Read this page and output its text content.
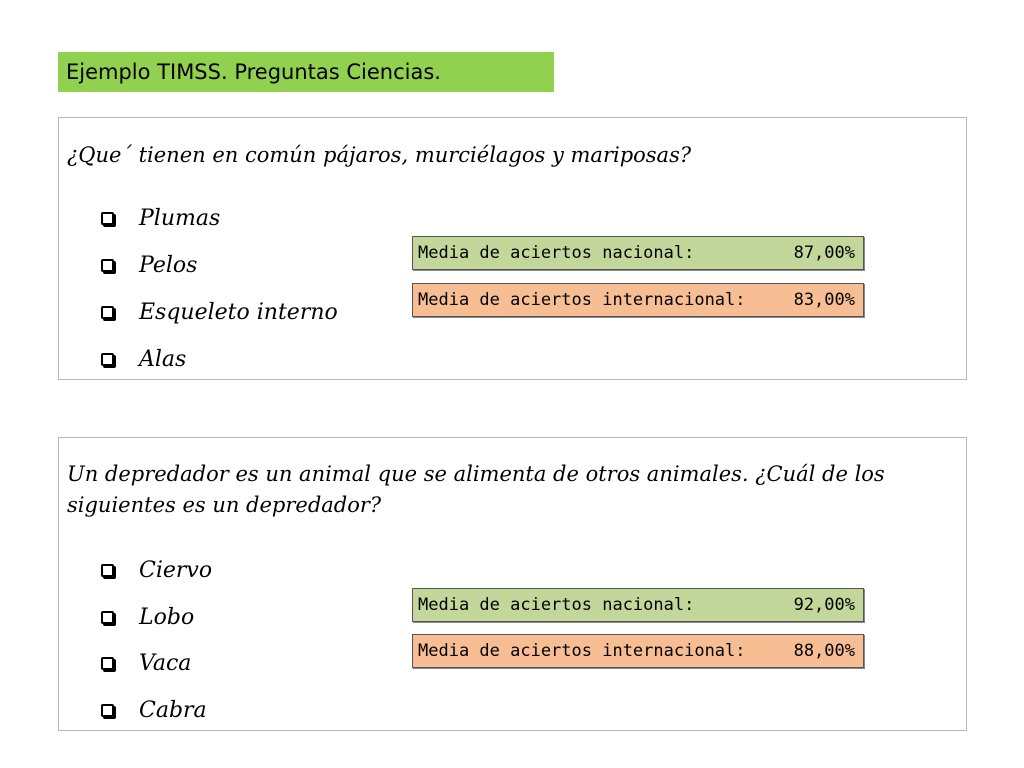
Ejemplo TIMSS. Preguntas Ciencias.
¿Que´ tienen en común pájaros, murciélagos y mariposas?
Plumas
Pelos
Esqueleto interno
Alas
Media de aciertos nacional:	87,00%
Media de aciertos internacional:	83,00%
Un depredador es un animal que se alimenta de otros animales. ¿Cuál de los siguientes es un depredador?
Ciervo
Lobo
Vaca
Cabra
Media de aciertos nacional:	92,00%
Media de aciertos internacional:	88,00%
